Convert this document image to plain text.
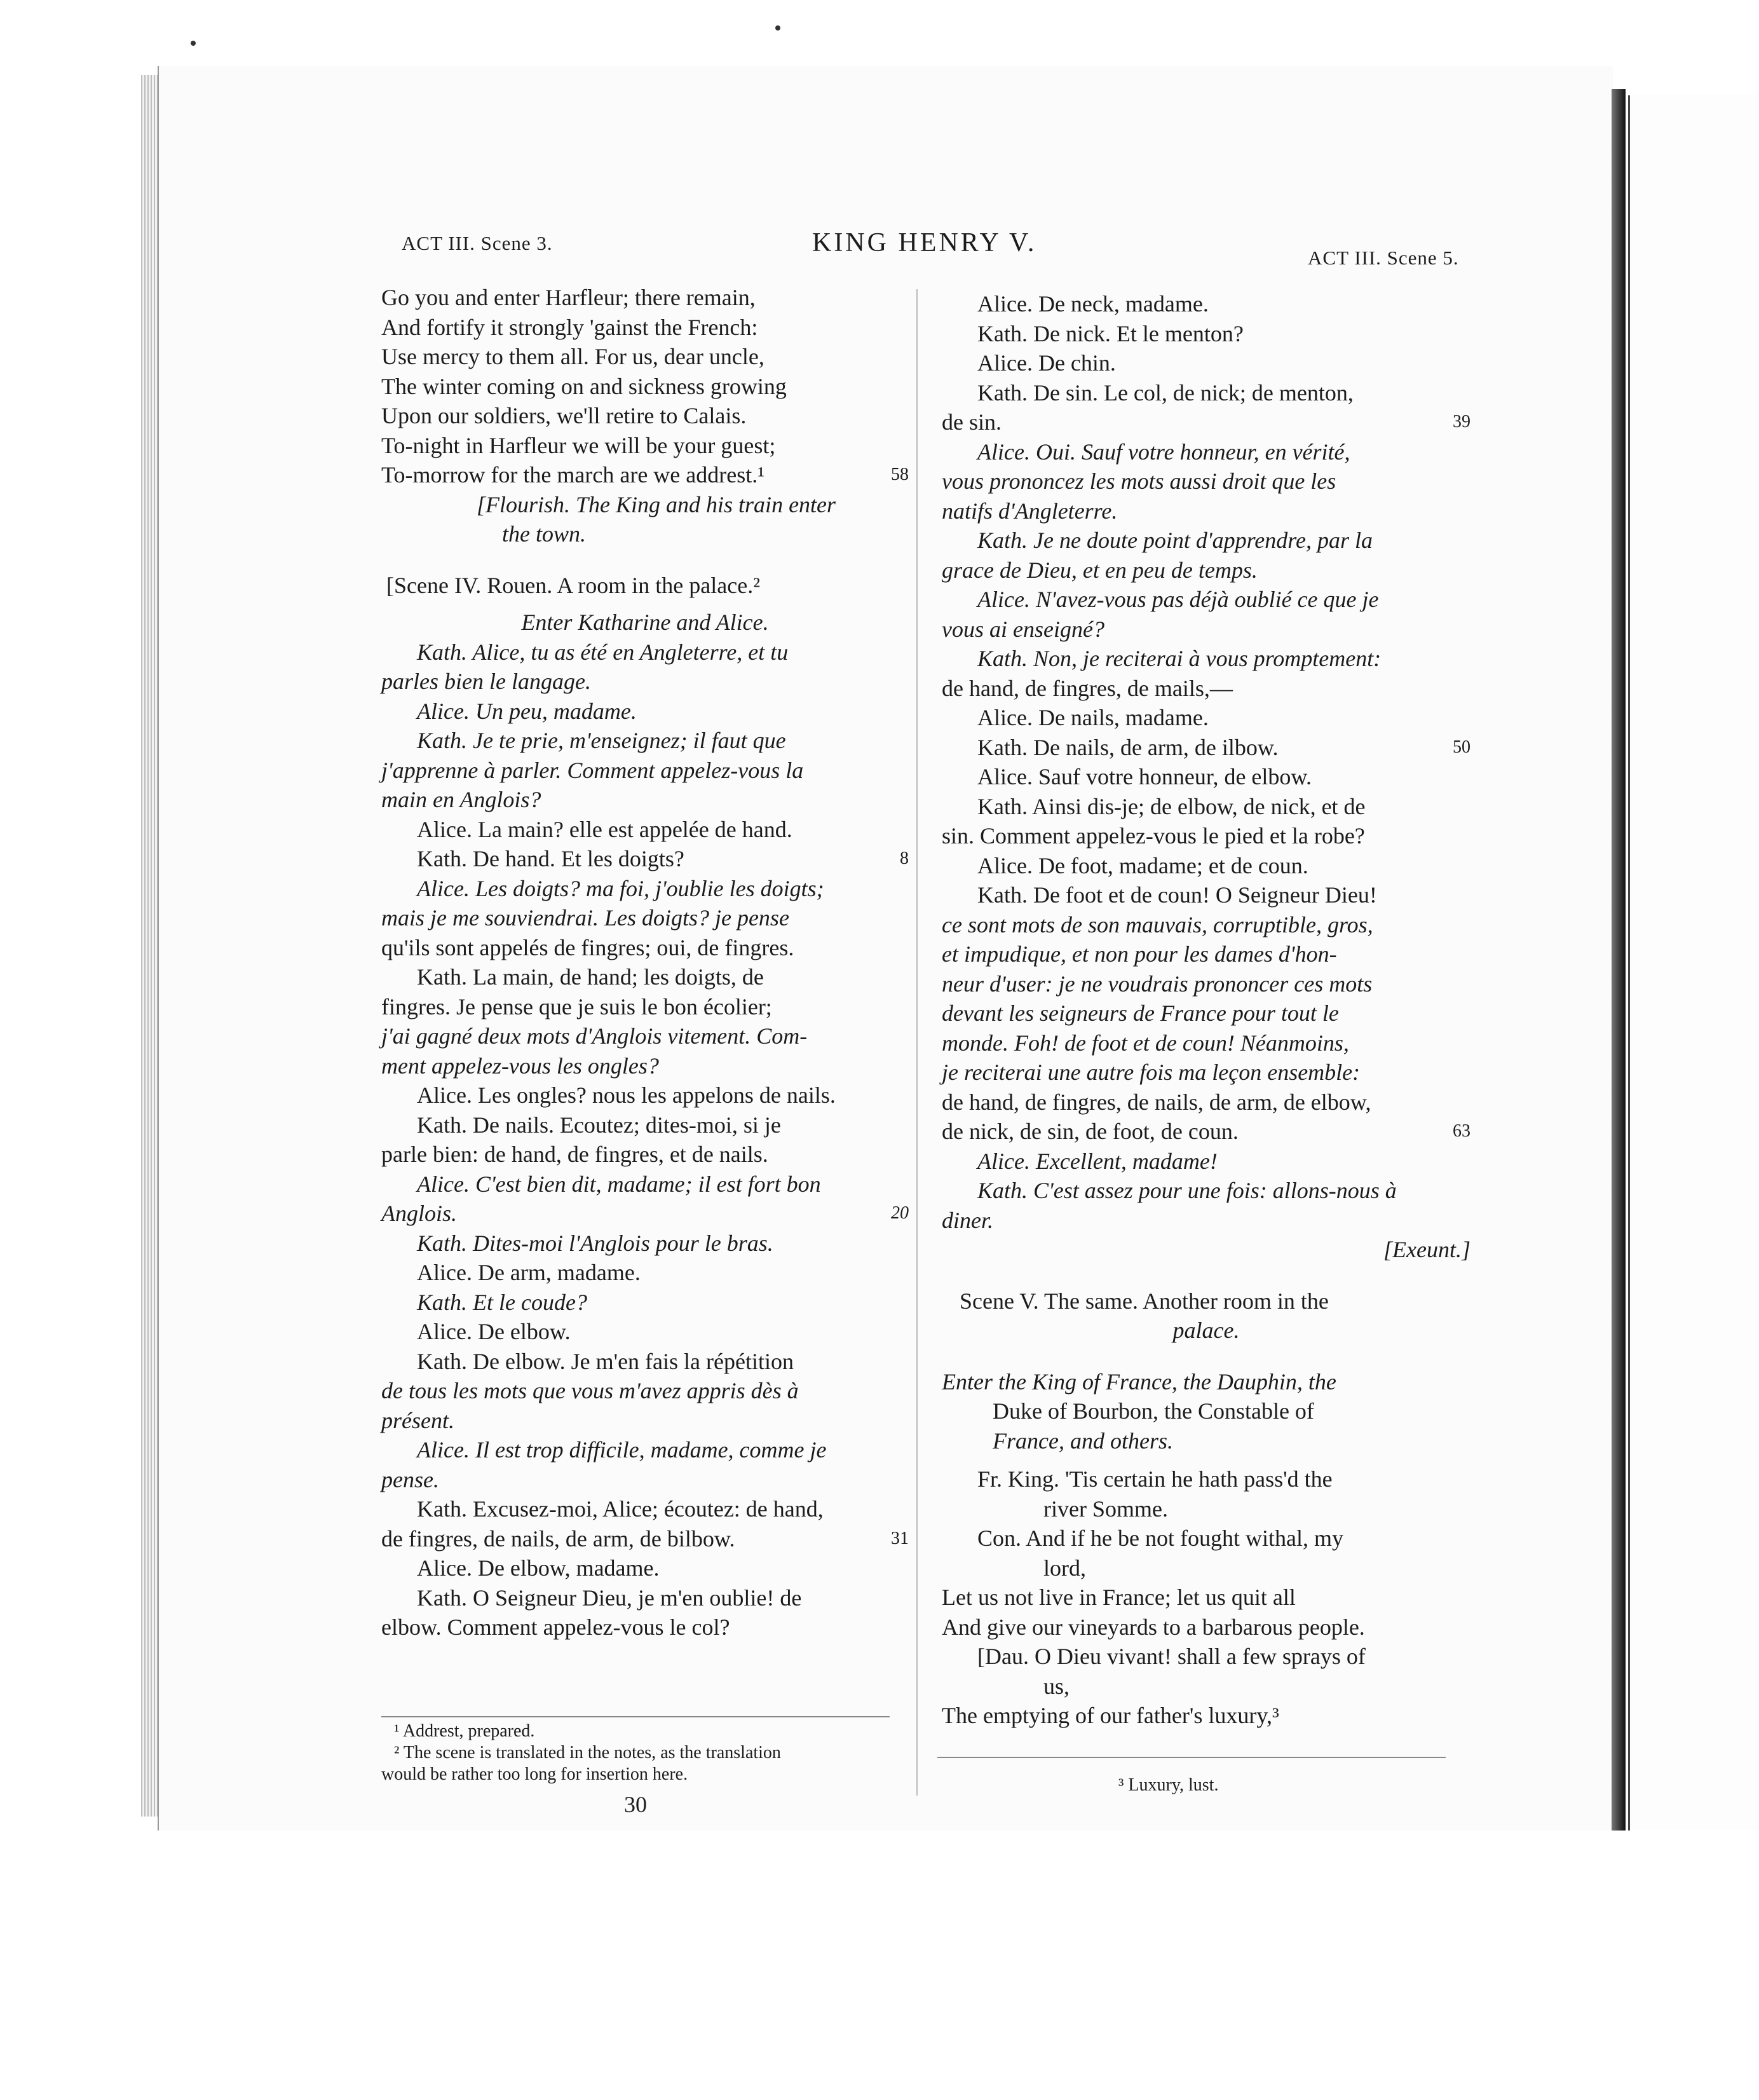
ACT III. Scene 3.	KING HENRY V.
ACT III. Scene 5.
Go you and enter Harfleur; there remain,
And fortify it strongly 'gainst the French:
Use mercy to them all. For us, dear uncle,
The winter coming on and sickness growing
Upon our soldiers, we'll retire to Calais.
To-night in Harfleur we will be your guest;
To-morrow for the march are we addrest.¹	58
[Flourish. The King and his train enter
the town.
[Scene IV. Rouen. A room in the palace.²
Enter Katharine and Alice.
Kath. Alice, tu as été en Angleterre, et tu
parles bien le langage.
Alice. Un peu, madame.
Kath. Je te prie, m'enseignez; il faut que
j'apprenne à parler. Comment appelez-vous la
main en Anglois?
Alice. La main? elle est appelée de hand.
Kath. De hand. Et les doigts?	8
Alice. Les doigts? ma foi, j'oublie les doigts;
mais je me souviendrai. Les doigts? je pense
qu'ils sont appelés de fingres; oui, de fingres.
Kath. La main, de hand; les doigts, de
fingres. Je pense que je suis le bon écolier;
j'ai gagné deux mots d'Anglois vitement. Com-
ment appelez-vous les ongles?
Alice. Les ongles? nous les appelons de nails.
Kath. De nails. Ecoutez; dites-moi, si je
parle bien: de hand, de fingres, et de nails.
Alice. C'est bien dit, madame; il est fort bon
Anglois.	20
Kath. Dites-moi l'Anglois pour le bras.
Alice. De arm, madame.
Kath. Et le coude?
Alice. De elbow.
Kath. De elbow. Je m'en fais la répétition
de tous les mots que vous m'avez appris dès à
présent.
Alice. Il est trop difficile, madame, comme je
pense.
Kath. Excusez-moi, Alice; écoutez: de hand,
de fingres, de nails, de arm, de bilbow.	31
Alice. De elbow, madame.
Kath. O Seigneur Dieu, je m'en oublie! de
elbow. Comment appelez-vous le col?
Alice. De neck, madame.
Kath. De nick. Et le menton?
Alice. De chin.
Kath. De sin. Le col, de nick; de menton,
de sin.	39
Alice. Oui. Sauf votre honneur, en vérité,
vous prononcez les mots aussi droit que les
natifs d'Angleterre.
Kath. Je ne doute point d'apprendre, par la
grace de Dieu, et en peu de temps.
Alice. N'avez-vous pas déjà oublié ce que je
vous ai enseigné?
Kath. Non, je reciterai à vous promptement:
de hand, de fingres, de mails,—
Alice. De nails, madame.
Kath. De nails, de arm, de ilbow.	50
Alice. Sauf votre honneur, de elbow.
Kath. Ainsi dis-je; de elbow, de nick, et de
sin. Comment appelez-vous le pied et la robe?
Alice. De foot, madame; et de coun.
Kath. De foot et de coun! O Seigneur Dieu!
ce sont mots de son mauvais, corruptible, gros,
et impudique, et non pour les dames d'hon-
neur d'user: je ne voudrais prononcer ces mots
devant les seigneurs de France pour tout le
monde. Foh! de foot et de coun! Néanmoins,
je reciterai une autre fois ma leçon ensemble:
de hand, de fingres, de nails, de arm, de elbow,
de nick, de sin, de foot, de coun.	63
Alice. Excellent, madame!
Kath. C'est assez pour une fois: allons-nous à
diner.
[Exeunt.]
Scene V. The same. Another room in the
palace.
Enter the King of France, the Dauphin, the
Duke of Bourbon, the Constable of
France, and others.
Fr. King. 'Tis certain he hath pass'd the
river Somme.
Con. And if he be not fought withal, my
lord,
Let us not live in France; let us quit all
And give our vineyards to a barbarous people.
[Dau. O Dieu vivant! shall a few sprays of
us,
The emptying of our father's luxury,³
¹ Addrest, prepared.
² The scene is translated in the notes, as the translation
would be rather too long for insertion here.
30
³ Luxury, lust.
